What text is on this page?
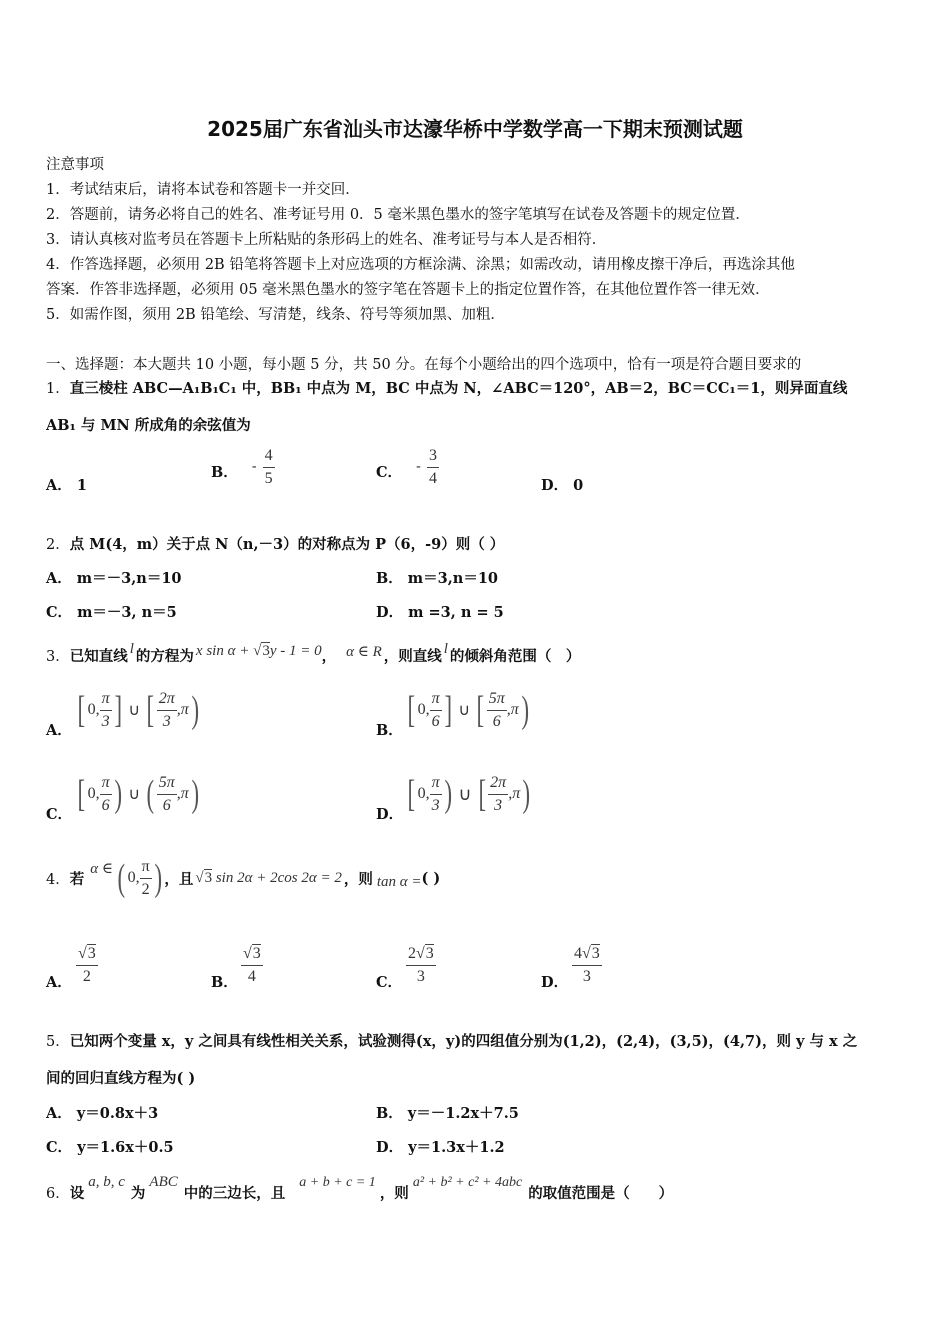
2025届广东省汕头市达濠华桥中学数学高一下期末预测试题
注意事项
1．考试结束后，请将本试卷和答题卡一并交回．
2．答题前，请务必将自己的姓名、准考证号用 0．5 毫米黑色墨水的签字笔填写在试卷及答题卡的规定位置．
3．请认真核对监考员在答题卡上所粘贴的条形码上的姓名、准考证号与本人是否相符．
4．作答选择题，必须用 2B 铅笔将答题卡上对应选项的方框涂满、涂黑；如需改动，请用橡皮擦干净后，再选涂其他
答案．作答非选择题，必须用 05 毫米黑色墨水的签字笔在答题卡上的指定位置作答，在其他位置作答一律无效．
5．如需作图，须用 2B 铅笔绘、写清楚，线条、符号等须加黑、加粗．
一、选择题：本大题共 10 小题，每小题 5 分，共 50 分。在每个小题给出的四个选项中，恰有一项是符合题目要求的
1．直三棱柱 ABC—A₁B₁C₁ 中，BB₁ 中点为 M，BC 中点为 N，∠ABC＝120°，AB＝2，BC＝CC₁＝1，则异面直线
AB₁ 与 MN 所成角的余弦值为
A． 1
B． - $\frac{4}{5}$	C． - $\frac{3}{4}$	D． 0
2．点 M(4，m）关于点 N（n,－3）的对称点为 P（6，-9）则（ ）
A． m＝－3,n＝10	B． m＝3,n＝10
C． m＝－3, n＝5	D． m =3, n = 5
3． 已知直线 l 的方程为 x sin α + √3y - 1 = 0 ， α ∈ R ，则直线 l 的倾斜角范围（　）
A． [ 0, $\frac{\pi}{3}$ ] ∪ [ $\frac{2\pi}{3} ,\pi$ )	B． [ 0, $\frac{\pi}{6}$ ] ∪ [ $\frac{5\pi}{6} ,\pi$ )
C． [ 0, $\frac{\pi}{6}$ ) ∪ ( $\frac{5\pi}{6} ,\pi$ )	D． [ 0, $\frac{\pi}{3}$ ) ∪ [ $\frac{2\pi}{3} ,\pi$ )
4． 若
α ∈ ( 0, $\frac{\pi}{2}$ ) ，且 √3 sin 2α + 2cos 2α = 2 ，则 tan α = ( )
A． $\frac{√3}{2}$	B． $\frac{√3}{4}$	C． $\frac{2√3}{3}$	D． $\frac{4√3}{3}$
5．已知两个变量 x，y 之间具有线性相关关系，试验测得(x，y)的四组值分别为(1,2)，(2,4)，(3,5)，(4,7)，则 y 与 x 之
间的回归直线方程为( )
A． y＝0.8x＋3	B． y＝－1.2x＋7.5
C． y＝1.6x＋0.5	D． y＝1.3x＋1.2
6． 设
a, b, c
为
ABC
中的三边长，且
a + b + c = 1
，则
a² + b² + c² + 4abc
的取值范围是（　　）
